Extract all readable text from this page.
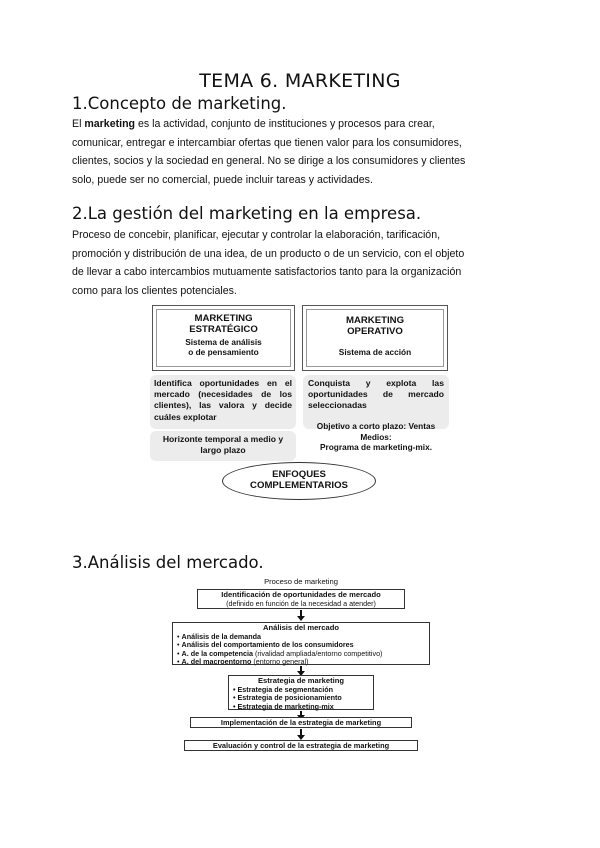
TEMA 6. MARKETING
1.Concepto de marketing.
El marketing es la actividad, conjunto de instituciones y procesos para crear,
comunicar, entregar e intercambiar ofertas que tienen valor para los consumidores,
clientes, socios y la sociedad en general. No se dirige a los consumidores y clientes
solo, puede ser no comercial, puede incluir tareas y actividades.
2.La gestión del marketing en la empresa.
Proceso de concebir, planificar, ejecutar y controlar la elaboración, tarificación,
promoción y distribución de una idea, de un producto o de un servicio, con el objeto
de llevar a cabo intercambios mutuamente satisfactorios tanto para la organización
como para los clientes potenciales.
MARKETING
ESTRATÉGICO
Sistema de análisis
o de pensamiento
MARKETING
OPERATIVO
Sistema de acción
Identifica oportunidades en el mercado (necesidades de los clientes), las valora y decide cuáles explotar
Conquista y explota las oportunidades de mercado seleccionadas
Horizonte temporal a medio y
largo plazo
Objetivo a corto plazo: Ventas
Medios:
Programa de marketing-mix.
ENFOQUES
COMPLEMENTARIOS
3.Análisis del mercado.
Proceso de marketing
Identificación de oportunidades de mercado
(definido en función de la necesidad a atender)
Análisis del mercado
• Análisis de la demanda
• Análisis del comportamiento de los consumidores
• A. de la competencia (rivalidad ampliada/entorno competitivo)
• A. del macroentorno (entorno general)
Estrategia de marketing
• Estrategia de segmentación
• Estrategia de posicionamiento
• Estrategia de marketing-mix
Implementación de la estrategia de marketing
Evaluación y control de la estrategia de marketing
